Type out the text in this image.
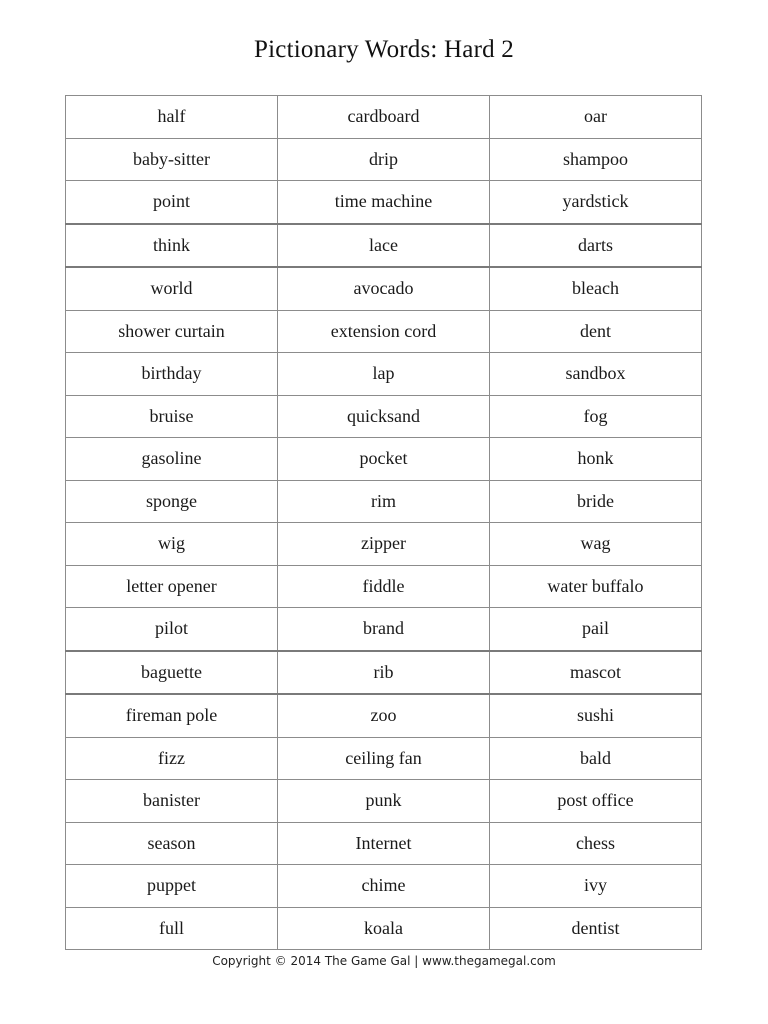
Pictionary Words: Hard 2
half	cardboard	oar
baby-sitter	drip	shampoo
point	time machine	yardstick
think	lace	darts
world	avocado	bleach
shower curtain	extension cord	dent
birthday	lap	sandbox
bruise	quicksand	fog
gasoline	pocket	honk
sponge	rim	bride
wig	zipper	wag
letter opener	fiddle	water buffalo
pilot	brand	pail
baguette	rib	mascot
fireman pole	zoo	sushi
fizz	ceiling fan	bald
banister	punk	post office
season	Internet	chess
puppet	chime	ivy
full	koala	dentist
Copyright © 2014 The Game Gal | www.thegamegal.com
